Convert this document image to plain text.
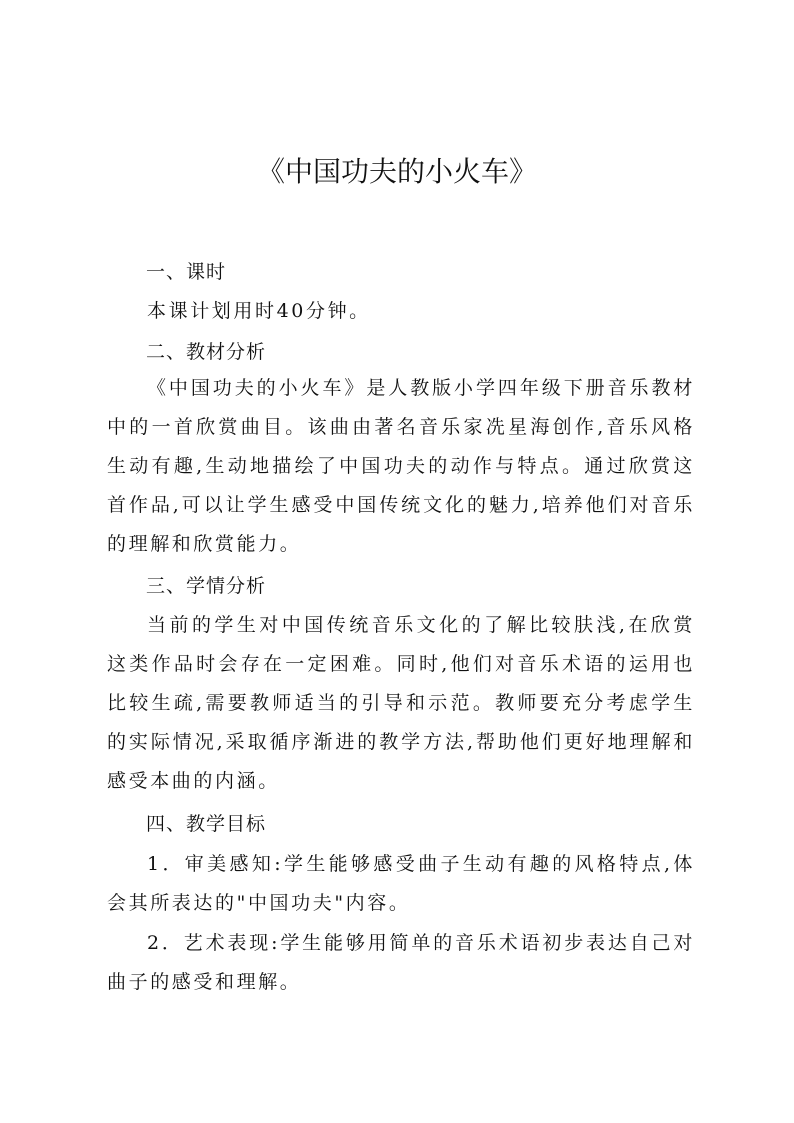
《中国功夫的小火车》
一、课时
本课计划用时40分钟。
二、教材分析
《中国功夫的小火车》是人教版小学四年级下册音乐教材中的一首欣赏曲目。该曲由著名音乐家冼星海创作,音乐风格生动有趣,生动地描绘了中国功夫的动作与特点。通过欣赏这首作品,可以让学生感受中国传统文化的魅力,培养他们对音乐的理解和欣赏能力。
三、学情分析
当前的学生对中国传统音乐文化的了解比较肤浅,在欣赏这类作品时会存在一定困难。同时,他们对音乐术语的运用也比较生疏,需要教师适当的引导和示范。教师要充分考虑学生的实际情况,采取循序渐进的教学方法,帮助他们更好地理解和感受本曲的内涵。
四、教学目标
1．审美感知:学生能够感受曲子生动有趣的风格特点,体会其所表达的"中国功夫"内容。
2．艺术表现:学生能够用简单的音乐术语初步表达自己对曲子的感受和理解。
